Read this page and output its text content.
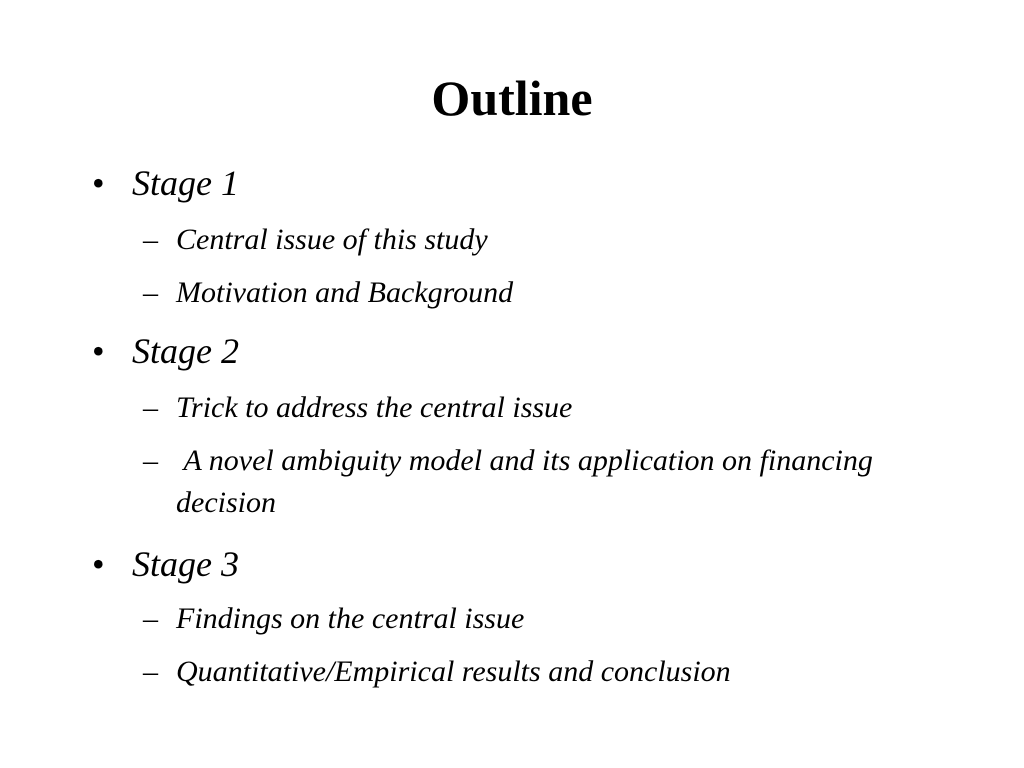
Outline
• Stage 1
– Central issue of this study
– Motivation and Background
• Stage 2
– Trick to address the central issue
– A novel ambiguity model and its application on financing decision
• Stage 3
– Findings on the central issue
– Quantitative/Empirical results and conclusion
